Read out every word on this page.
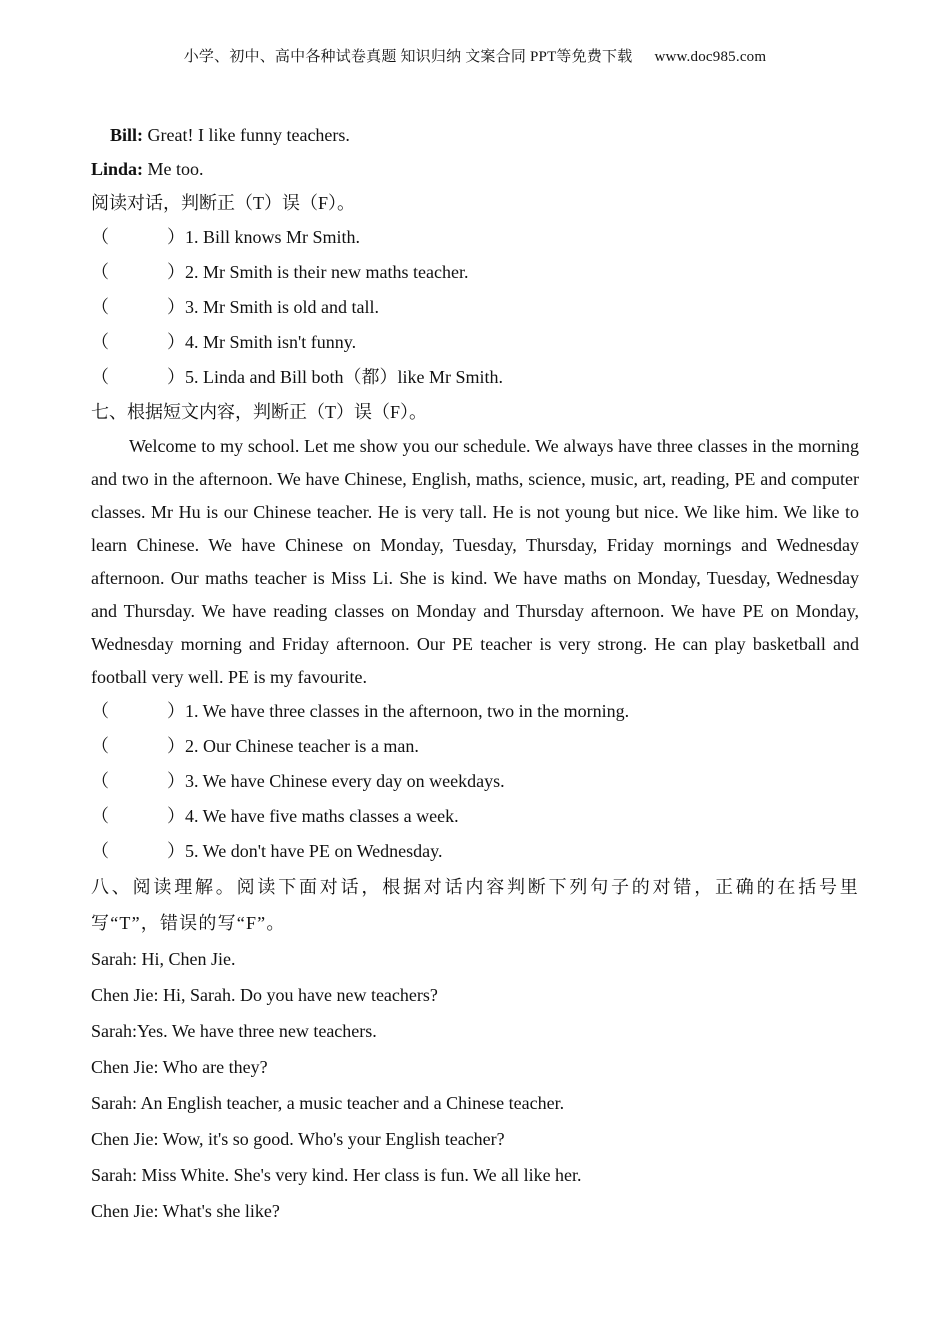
小学、初中、高中各种试卷真题 知识归纳 文案合同 PPT等免费下载 www.doc985.com
Bill: Great! I like funny teachers.
Linda: Me too.
阅读对话，判断正（T）误（F）。
（	）1. Bill knows Mr Smith.
（	）2. Mr Smith is their new maths teacher.
（	）3. Mr Smith is old and tall.
（	）4. Mr Smith isn't funny.
（	）5. Linda and Bill both（都）like Mr Smith.
七、根据短文内容，判断正（T）误（F）。

Welcome to my school. Let me show you our schedule. We always have three classes in the morning and two in the afternoon. We have Chinese, English, maths, science, music, art, reading, PE and computer classes. Mr Hu is our Chinese teacher. He is very tall. He is not young but nice. We like him. We like to learn Chinese. We have Chinese on Monday, Tuesday, Thursday, Friday mornings and Wednesday afternoon. Our maths teacher is Miss Li. She is kind. We have maths on Monday, Tuesday, Wednesday and Thursday. We have reading classes on Monday and Thursday afternoon. We have PE on Monday, Wednesday morning and Friday afternoon. Our PE teacher is very strong. He can play basketball and football very well. PE is my favourite.

（	）1. We have three classes in the afternoon, two in the morning.
（	）2. Our Chinese teacher is a man.
（	）3. We have Chinese every day on weekdays.
（	）4. We have five maths classes a week.
（	）5. We don't have PE on Wednesday.

八、阅读理解。阅读下面对话，根据对话内容判断下列句子的对错，正确的在括号里写“T”，错误的写“F”。

Sarah: Hi, Chen Jie.
Chen Jie: Hi, Sarah. Do you have new teachers?
Sarah:Yes. We have three new teachers.
Chen Jie: Who are they?
Sarah: An English teacher, a music teacher and a Chinese teacher.
Chen Jie: Wow, it's so good. Who's your English teacher?
Sarah: Miss White. She's very kind. Her class is fun. We all like her.
Chen Jie: What's she like?
